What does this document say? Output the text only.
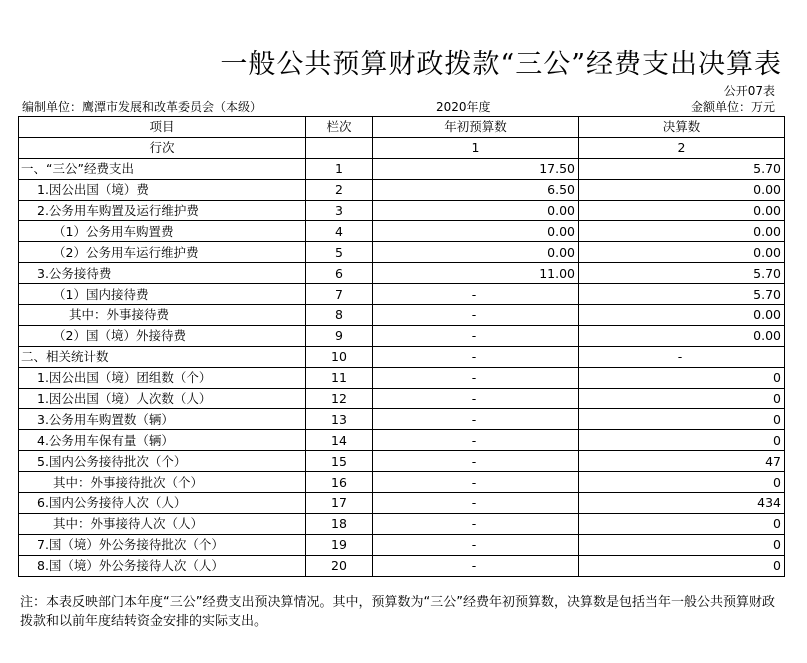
一般公共预算财政拨款“三公”经费支出决算表
公开07表
编制单位：鹰潭市发展和改革委员会（本级）	2020年度	金额单位：万元
项目	栏次	年初预算数	决算数
行次		1	2
一、“三公”经费支出	1	17.50	5.70
1.因公出国（境）费	2	6.50	0.00
2.公务用车购置及运行维护费	3	0.00	0.00
（1）公务用车购置费	4	0.00	0.00
（2）公务用车运行维护费	5	0.00	0.00
3.公务接待费	6	11.00	5.70
（1）国内接待费	7	-	5.70
其中：外事接待费	8	-	0.00
（2）国（境）外接待费	9	-	0.00
二、相关统计数	10	-	-
1.因公出国（境）团组数（个）	11	-	0
1.因公出国（境）人次数（人）	12	-	0
3.公务用车购置数（辆）	13	-	0
4.公务用车保有量（辆）	14	-	0
5.国内公务接待批次（个）	15	-	47
其中：外事接待批次（个）	16	-	0
6.国内公务接待人次（人）	17	-	434
其中：外事接待人次（人）	18	-	0
7.国（境）外公务接待批次（个）	19	-	0
8.国（境）外公务接待人次（人）	20	-	0
注：本表反映部门本年度“三公”经费支出预决算情况。其中，预算数为“三公”经费年初预算数，决算数是包括当年一般公共预算财政拨款和以前年度结转资金安排的实际支出。
